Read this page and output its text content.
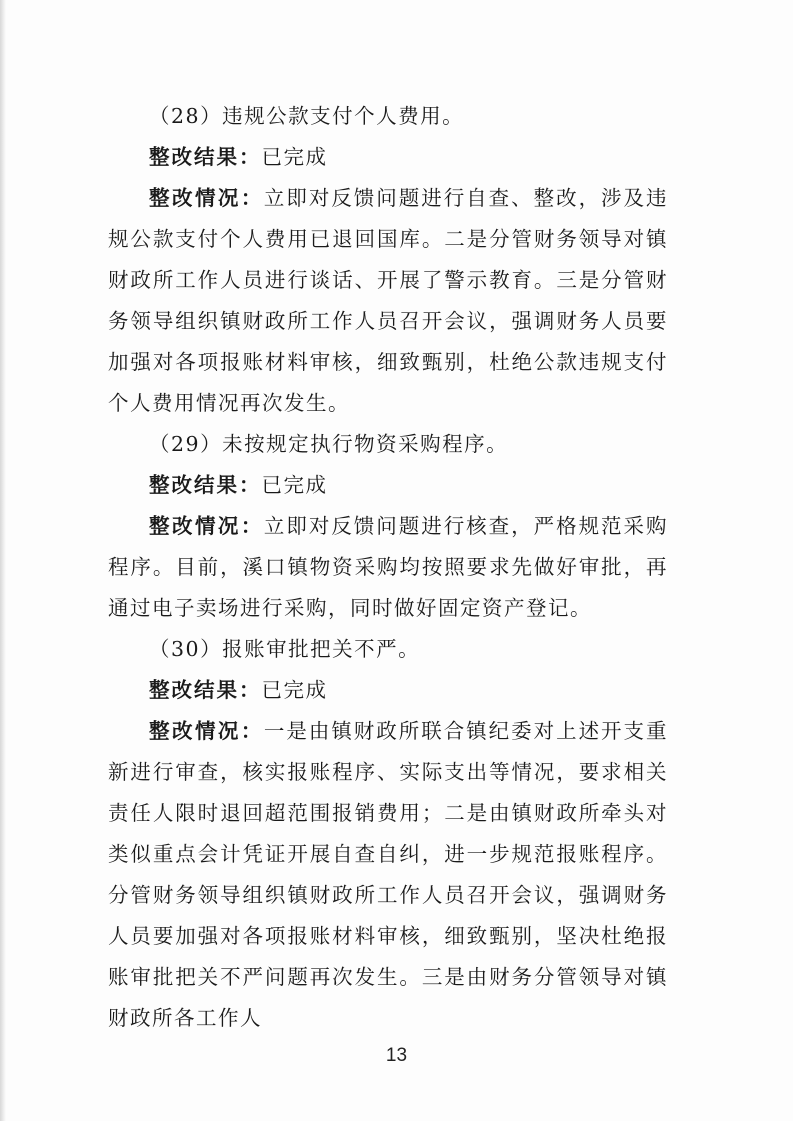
（28）违规公款支付个人费用。

整改结果：已完成

整改情况：立即对反馈问题进行自查、整改，涉及违规公款支付个人费用已退回国库。二是分管财务领导对镇财政所工作人员进行谈话、开展了警示教育。三是分管财务领导组织镇财政所工作人员召开会议，强调财务人员要加强对各项报账材料审核，细致甄别，杜绝公款违规支付个人费用情况再次发生。

（29）未按规定执行物资采购程序。

整改结果：已完成

整改情况：立即对反馈问题进行核查，严格规范采购程序。目前，溪口镇物资采购均按照要求先做好审批，再通过电子卖场进行采购，同时做好固定资产登记。

（30）报账审批把关不严。

整改结果：已完成

整改情况：一是由镇财政所联合镇纪委对上述开支重新进行审查，核实报账程序、实际支出等情况，要求相关责任人限时退回超范围报销费用；二是由镇财政所牵头对类似重点会计凭证开展自查自纠，进一步规范报账程序。分管财务领导组织镇财政所工作人员召开会议，强调财务人员要加强对各项报账材料审核，细致甄别，坚决杜绝报账审批把关不严问题再次发生。三是由财务分管领导对镇财政所各工作人

13
